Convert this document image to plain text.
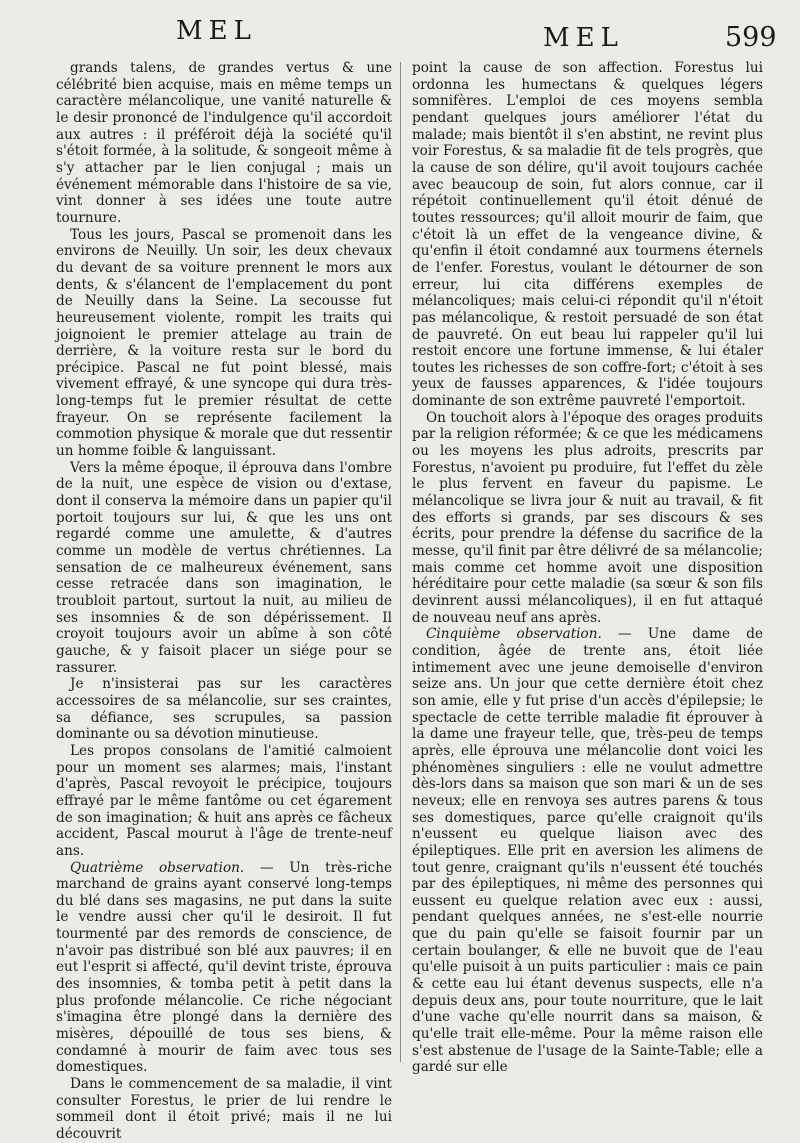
MEL	MEL	599

grands talens, de grandes vertus & une célébrité bien acquise, mais en même temps un caractère mélancolique, une vanité naturelle & le desir prononcé de l'indulgence qu'il accordoit aux autres : il préféroit déjà la société qu'il s'étoit formée, à la solitude, & songeoit même à s'y attacher par le lien conjugal ; mais un événement mémorable dans l'histoire de sa vie, vint donner à ses idées une toute autre tournure.

Tous les jours, Pascal se promenoit dans les environs de Neuilly. Un soir, les deux chevaux du devant de sa voiture prennent le mors aux dents, & s'élancent de l'emplacement du pont de Neuilly dans la Seine. La secousse fut heureusement violente, rompit les traits qui joignoient le premier attelage au train de derrière, & la voiture resta sur le bord du précipice. Pascal ne fut point blessé, mais vivement effrayé, & une syncope qui dura très-long-temps fut le premier résultat de cette frayeur. On se représente facilement la commotion physique & morale que dut ressentir un homme foible & languissant.

Vers la même époque, il éprouva dans l'ombre de la nuit, une espèce de vision ou d'extase, dont il conserva la mémoire dans un papier qu'il portoit toujours sur lui, & que les uns ont regardé comme une amulette, & d'autres comme un modèle de vertus chrétiennes. La sensation de ce malheureux événement, sans cesse retracée dans son imagination, le troubloit partout, surtout la nuit, au milieu de ses insomnies & de son dépérissement. Il croyoit toujours avoir un abîme à son côté gauche, & y faisoit placer un siége pour se rassurer.

Je n'insisterai pas sur les caractères accessoires de sa mélancolie, sur ses craintes, sa défiance, ses scrupules, sa passion dominante ou sa dévotion minutieuse.

Les propos consolans de l'amitié calmoient pour un moment ses alarmes; mais, l'instant d'après, Pascal revoyoit le précipice, toujours effrayé par le même fantôme ou cet égarement de son imagination; & huit ans après ce fâcheux accident, Pascal mourut à l'âge de trente-neuf ans.

Quatrième observation. — Un très-riche marchand de grains ayant conservé long-temps du blé dans ses magasins, ne put dans la suite le vendre aussi cher qu'il le desiroit. Il fut tourmenté par des remords de conscience, de n'avoir pas distribué son blé aux pauvres; il en eut l'esprit si affecté, qu'il devint triste, éprouva des insomnies, & tomba petit à petit dans la plus profonde mélancolie. Ce riche négociant s'imagina être plongé dans la dernière des misères, dépouillé de tous ses biens, & condamné à mourir de faim avec tous ses domestiques.

Dans le commencement de sa maladie, il vint consulter Forestus, le prier de lui rendre le sommeil dont il étoit privé; mais il ne lui découvrit

point la cause de son affection. Forestus lui ordonna les humectans & quelques légers somnifères. L'emploi de ces moyens sembla pendant quelques jours améliorer l'état du malade; mais bientôt il s'en abstint, ne revint plus voir Forestus, & sa maladie fit de tels progrès, que la cause de son délire, qu'il avoit toujours cachée avec beaucoup de soin, fut alors connue, car il répétoit continuellement qu'il étoit dénué de toutes ressources; qu'il alloit mourir de faim, que c'étoit là un effet de la vengeance divine, & qu'enfin il étoit condamné aux tourmens éternels de l'enfer. Forestus, voulant le détourner de son erreur, lui cita différens exemples de mélancoliques; mais celui-ci répondit qu'il n'étoit pas mélancolique, & restoit persuadé de son état de pauvreté. On eut beau lui rappeler qu'il lui restoit encore une fortune immense, & lui étaler toutes les richesses de son coffre-fort; c'étoit à ses yeux de fausses apparences, & l'idée toujours dominante de son extrême pauvreté l'emportoit.

On touchoit alors à l'époque des orages produits par la religion réformée; & ce que les médicamens ou les moyens les plus adroits, prescrits par Forestus, n'avoient pu produire, fut l'effet du zèle le plus fervent en faveur du papisme. Le mélancolique se livra jour & nuit au travail, & fit des efforts si grands, par ses discours & ses écrits, pour prendre la défense du sacrifice de la messe, qu'il finit par être délivré de sa mélancolie; mais comme cet homme avoit une disposition héréditaire pour cette maladie (sa sœur & son fils devinrent aussi mélancoliques), il en fut attaqué de nouveau neuf ans après.

Cinquième observation. — Une dame de condition, âgée de trente ans, étoit liée intimement avec une jeune demoiselle d'environ seize ans. Un jour que cette dernière étoit chez son amie, elle y fut prise d'un accès d'épilepsie; le spectacle de cette terrible maladie fit éprouver à la dame une frayeur telle, que, très-peu de temps après, elle éprouva une mélancolie dont voici les phénomènes singuliers : elle ne voulut admettre dès-lors dans sa maison que son mari & un de ses neveux; elle en renvoya ses autres parens & tous ses domestiques, parce qu'elle craignoit qu'ils n'eussent eu quelque liaison avec des épileptiques. Elle prit en aversion les alimens de tout genre, craignant qu'ils n'eussent été touchés par des épileptiques, ni même des personnes qui eussent eu quelque relation avec eux : aussi, pendant quelques années, ne s'est-elle nourrie que du pain qu'elle se faisoit fournir par un certain boulanger, & elle ne buvoit que de l'eau qu'elle puisoit à un puits particulier : mais ce pain & cette eau lui étant devenus suspects, elle n'a depuis deux ans, pour toute nourriture, que le lait d'une vache qu'elle nourrit dans sa maison, & qu'elle trait elle-même. Pour la même raison elle s'est abstenue de l'usage de la Sainte-Table; elle a gardé sur elle
